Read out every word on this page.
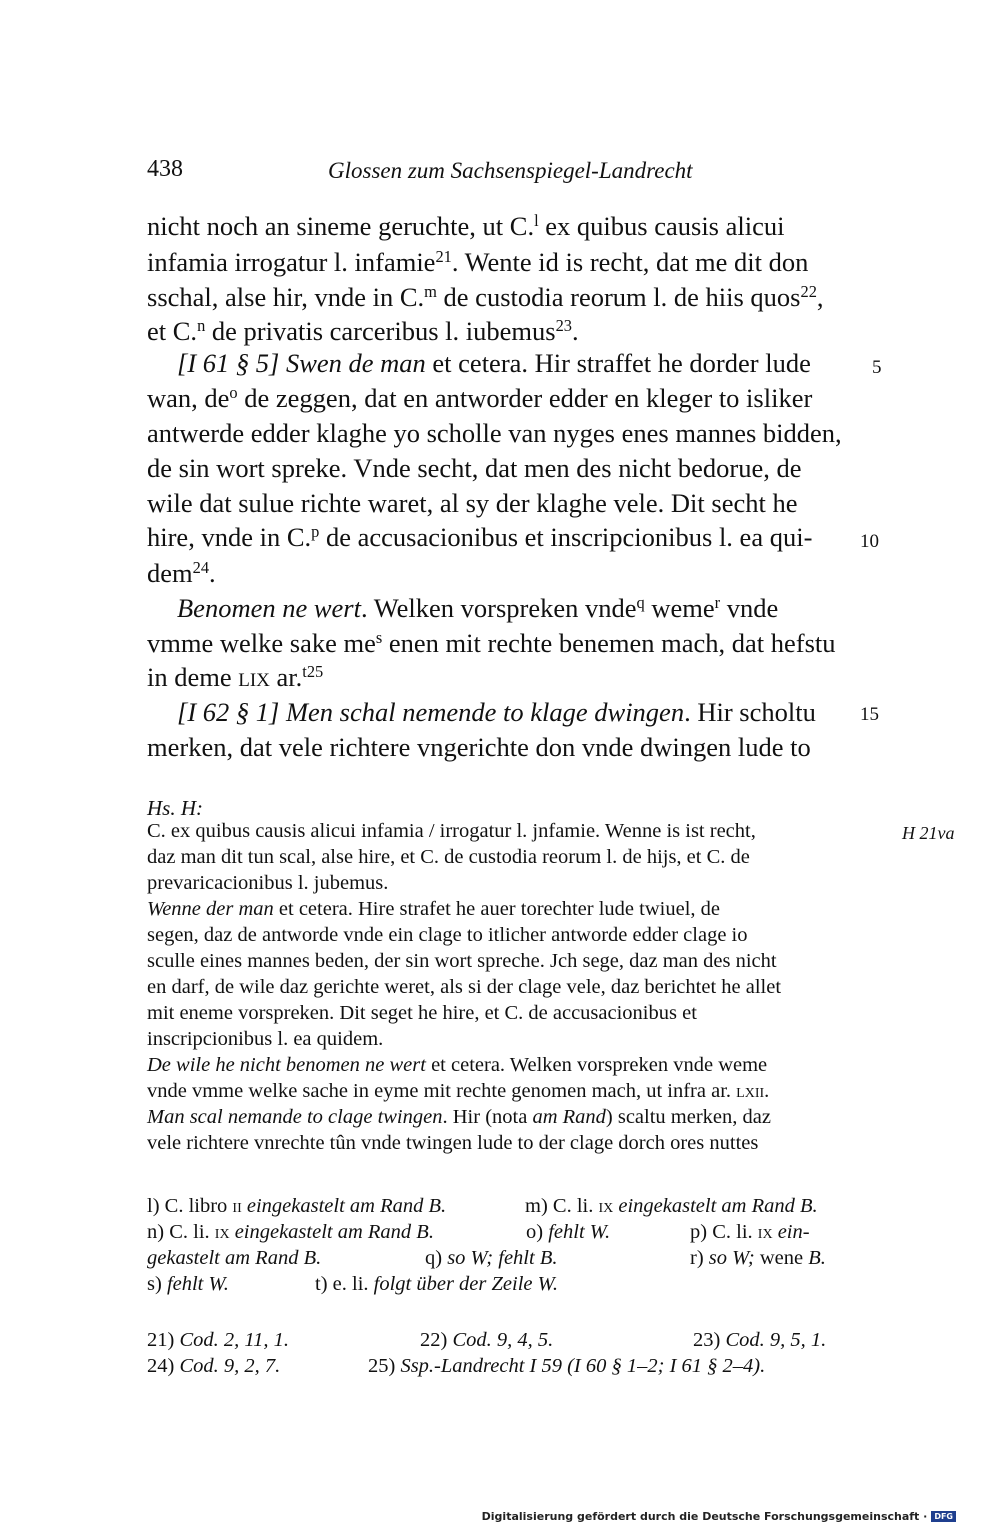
438	Glossen zum Sachsenspiegel-Landrecht
nicht noch an sineme geruchte, ut C.$^l$ ex quibus causis alicui
infamia irrogatur l. infamie$^{21}$. Wente id is recht, dat me dit don
sschal, alse hir, vnde in C.$^m$ de custodia reorum l. de hiis quos$^{22}$,
et C.$^n$ de privatis carceribus l. iubemus$^{23}$.
[I 61 § 5] Swen de man et cetera. Hir straffet he dorder lude
wan, $de^o$ de zeggen, dat en antworder edder en kleger to isliker
antwerde edder klaghe yo scholle van nyges enes mannes bidden,
de sin wort spreke. Vnde secht, dat men des nicht bedorue, de
wile dat sulue richte waret, al sy der klaghe vele. Dit secht he
hire, vnde in C.$^p$ de accusacionibus et inscripcionibus l. ea qui-
dem$^{24}$.
Benomen ne wert. Welken vorspreken vnde$^q$ weme$^r$ vnde
vmme welke sake $me^s$ enen mit rechte benemen mach, dat hefstu
in deme lix ar.$^{t25}$
[I 62 § 1] Men schal nemende to klage dwingen. Hir scholtu
merken, dat vele richtere vngerichte don vnde dwingen lude to
5
10
15
Hs. H:
H 21va
C. ex quibus causis alicui infamia / irrogatur l. jnfamie. Wenne is ist recht,
daz man dit tun scal, alse hire, et C. de custodia reorum l. de hijs, et C. de
prevaricacionibus l. jubemus.
Wenne der man et cetera. Hire strafet he auer torechter lude twiuel, de
segen, daz de antworde vnde ein clage to itlicher antworde edder clage io
sculle eines mannes beden, der sin wort spreche. Jch sege, daz man des nicht
en darf, de wile daz gerichte weret, als si der clage vele, daz berichtet he allet
mit eneme vorspreken. Dit seget he hire, et C. de accusacionibus et
inscripcionibus l. ea quidem.
De wile he nicht benomen ne wert et cetera. Welken vorspreken vnde weme
vnde vmme welke sache in eyme mit rechte genomen mach, ut infra ar. lxii.
Man scal nemande to clage twingen. Hir (nota am Rand) scaltu merken, daz
vele richtere vnrechte tûn vnde twingen lude to der clage dorch ores nuttes
l) C. libro ii eingekastelt am Rand B.	m) C. li. ix eingekastelt am Rand B.
n) C. li. ix eingekastelt am Rand B.	o) fehlt W.	p) C. li. ix ein-
gekastelt am Rand B.	q) so W; fehlt B.	r) so W; wene B.
s) fehlt W.	t) e. li. folgt über der Zeile W.
21) Cod. 2, 11, 1.	22) Cod. 9, 4, 5.	23) Cod. 9, 5, 1.
24) Cod. 9, 2, 7.	25) Ssp.-Landrecht I 59 (I 60 § 1–2; I 61 § 2–4).
Digitalisierung gefördert durch die Deutsche Forschungsgemeinschaft · DFG
